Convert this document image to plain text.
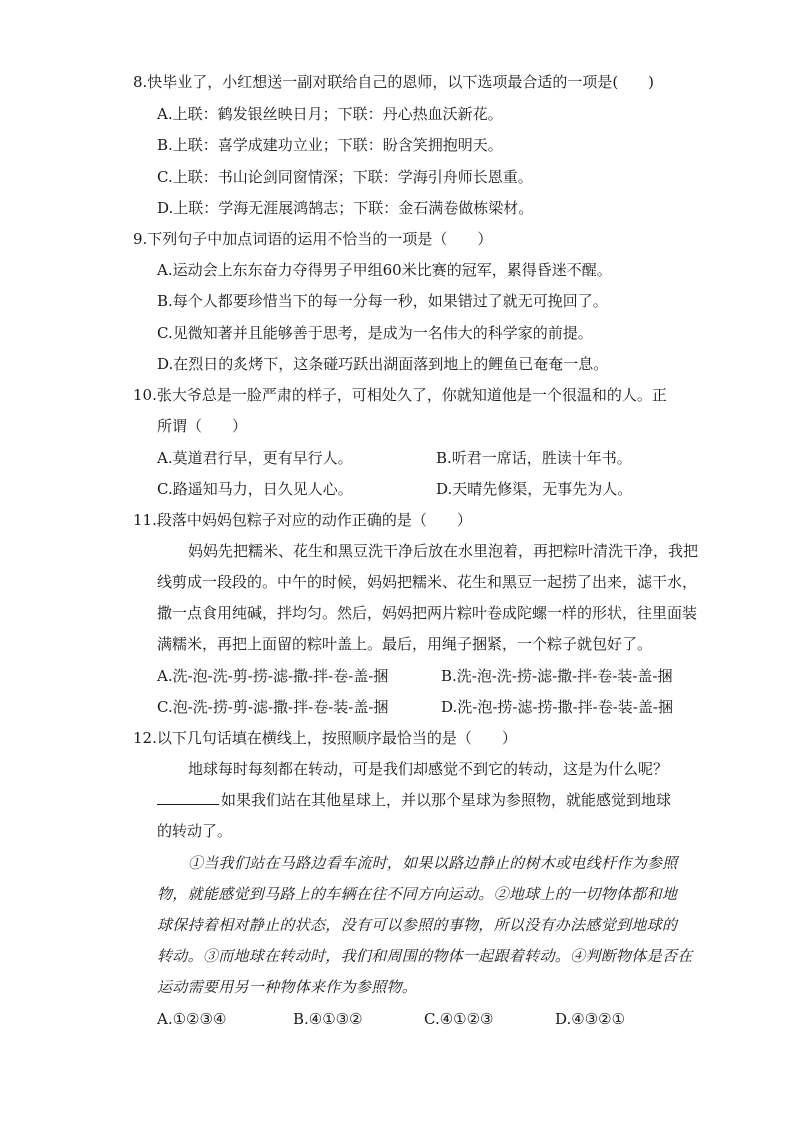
8.快毕业了，小红想送一副对联给自己的恩师，以下选项最合适的一项是(　　)
A.上联：鹤发银丝映日月；下联：丹心热血沃新花。
B.上联：喜学成建功立业；下联：盼含笑拥抱明天。
C.上联：书山论剑同窗情深；下联：学海引舟师长恩重。
D.上联：学海无涯展鸿鹄志；下联：金石满卷做栋梁材。
9.下列句子中加点词语的运用不恰当的一项是（　　）
A.运动会上东东奋力夺得男子甲组60米比赛的冠军，累得昏迷不醒。
B.每个人都要珍惜当下的每一分每一秒，如果错过了就无可挽回了。
C.见微知著并且能够善于思考，是成为一名伟大的科学家的前提。
D.在烈日的炙烤下，这条碰巧跃出湖面落到地上的鲤鱼已奄奄一息。
10.张大爷总是一脸严肃的样子，可相处久了，你就知道他是一个很温和的人。正
所谓（　　）
A.莫道君行早，更有早行人。	B.听君一席话，胜读十年书。
C.路遥知马力，日久见人心。	D.天晴先修渠，无事先为人。
11.段落中妈妈包粽子对应的动作正确的是（　　）
妈妈先把糯米、花生和黑豆洗干净后放在水里泡着，再把粽叶清洗干净，我把
线剪成一段段的。中午的时候，妈妈把糯米、花生和黑豆一起捞了出来，滤干水，
撒一点食用纯碱，拌均匀。然后，妈妈把两片粽叶卷成陀螺一样的形状，往里面装
满糯米，再把上面留的粽叶盖上。最后，用绳子捆紧，一个粽子就包好了。
A.洗-泡-洗-剪-捞-滤-撒-拌-卷-盖-捆	B.洗-泡-洗-捞-滤-撒-拌-卷-装-盖-捆
C.泡-洗-捞-剪-滤-撒-拌-卷-装-盖-捆	D.洗-泡-捞-滤-捞-撒-拌-卷-装-盖-捆
12.以下几句话填在横线上，按照顺序最恰当的是（　　）
地球每时每刻都在转动，可是我们却感觉不到它的转动，这是为什么呢？
如果我们站在其他星球上，并以那个星球为参照物，就能感觉到地球
的转动了。
①当我们站在马路边看车流时，如果以路边静止的树木或电线杆作为参照
物，就能感觉到马路上的车辆在往不同方向运动。②地球上的一切物体都和地
球保持着相对静止的状态，没有可以参照的事物，所以没有办法感觉到地球的
转动。③而地球在转动时，我们和周围的物体一起跟着转动。④判断物体是否在
运动需要用另一种物体来作为参照物。
A.①②③④	B.④①③②	C.④①②③	D.④③②①
